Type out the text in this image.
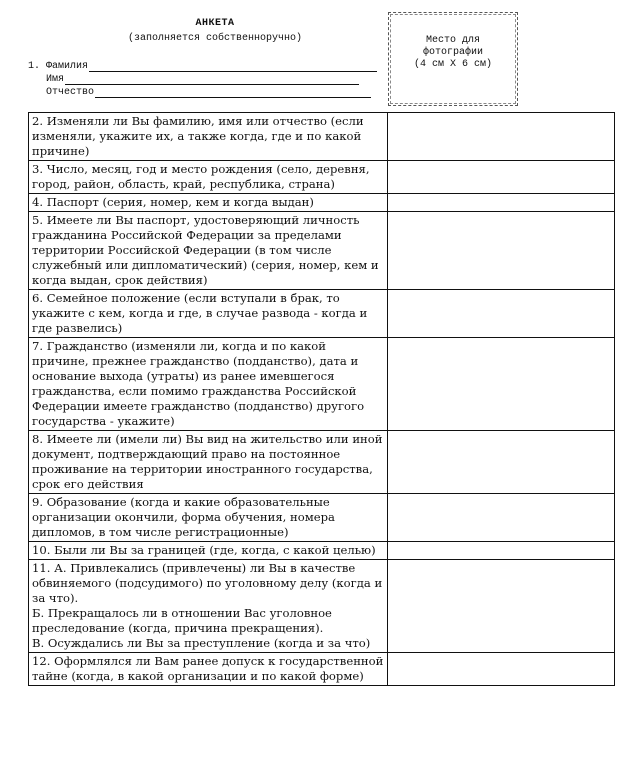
АНКЕТА
(заполняется собственноручно)
1. Фамилия
Имя
Отчество
Место для
фотографии
(4 см Х 6 см)
2. Изменяли ли Вы фамилию, имя или отчество (если изменяли, укажите их, а также когда, где и по какой причине)	
3. Число, месяц, год и место рождения (село, деревня, город, район, область, край, республика, страна)	
4. Паспорт (серия, номер, кем и когда выдан)	
5. Имеете ли Вы паспорт, удостоверяющий личность гражданина Российской Федерации за пределами территории Российской Федерации (в том числе служебный или дипломатический) (серия, номер, кем и когда выдан, срок действия)	
6. Семейное положение (если вступали в брак, то укажите с кем, когда и где, в случае развода - когда и где развелись)	
7. Гражданство (изменяли ли, когда и по какой причине, прежнее гражданство (подданство), дата и основание выхода (утраты) из ранее имевшегося гражданства, если помимо гражданства Российской Федерации имеете гражданство (подданство) другого государства - укажите)	
8. Имеете ли (имели ли) Вы вид на жительство или иной документ, подтверждающий право на постоянное проживание на территории иностранного государства, срок его действия	
9. Образование (когда и какие образовательные организации окончили, форма обучения, номера дипломов, в том числе регистрационные)	
10. Были ли Вы за границей (где, когда, с какой целью)	
11. А. Привлекались (привлечены) ли Вы в качестве обвиняемого (подсудимого) по уголовному делу (когда и за что).
Б. Прекращалось ли в отношении Вас уголовное преследование (когда, причина прекращения).
В. Осуждались ли Вы за преступление (когда и за что)	
12. Оформлялся ли Вам ранее допуск к государственной тайне (когда, в какой организации и по какой форме)	
